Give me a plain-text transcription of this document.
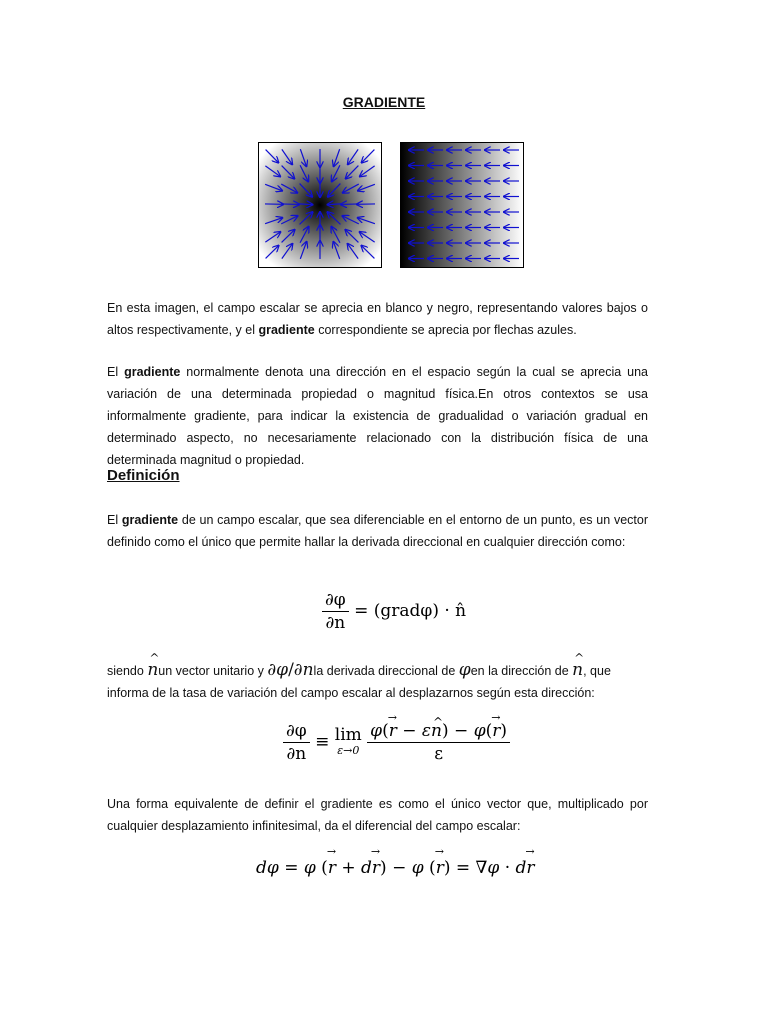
GRADIENTE
En esta imagen, el campo escalar se aprecia en blanco y negro, representando valores bajos o altos respectivamente, y el gradiente correspondiente se aprecia por flechas azules.
El gradiente normalmente denota una dirección en el espacio según la cual se aprecia una variación de una determinada propiedad o magnitud física.En otros contextos se usa informalmente gradiente, para indicar la existencia de gradualidad o variación gradual en determinado aspecto, no necesariamente relacionado con la distribución física de una determinada magnitud o propiedad.
Definición
El gradiente de un campo escalar, que sea diferenciable en el entorno de un punto, es un vector definido como el único que permite hallar la derivada direccional en cualquier dirección como:
$\frac{\partial\varphi}{\partial n}$ = (gradφ) · n̂
siendo ^ nun vector unitario y ∂φ/∂nla derivada direccional de φen la dirección de ^ n, que
informa de la tasa de variación del campo escalar al desplazarnos según esta dirección:
$\frac{\partial\varphi}{\partial n} \equiv \lim$
ε→0
$\frac{\varphi(\to r - \varepsilon\^{} n) - \varphi(\to r)}{\varepsilon}$
Una forma equivalente de definir el gradiente es como el único vector que, multiplicado por cualquier desplazamiento infinitesimal, da el diferencial del campo escalar:
dφ = φ (→ r + d→ r) − φ (→ r) = ∇φ · d→ r
